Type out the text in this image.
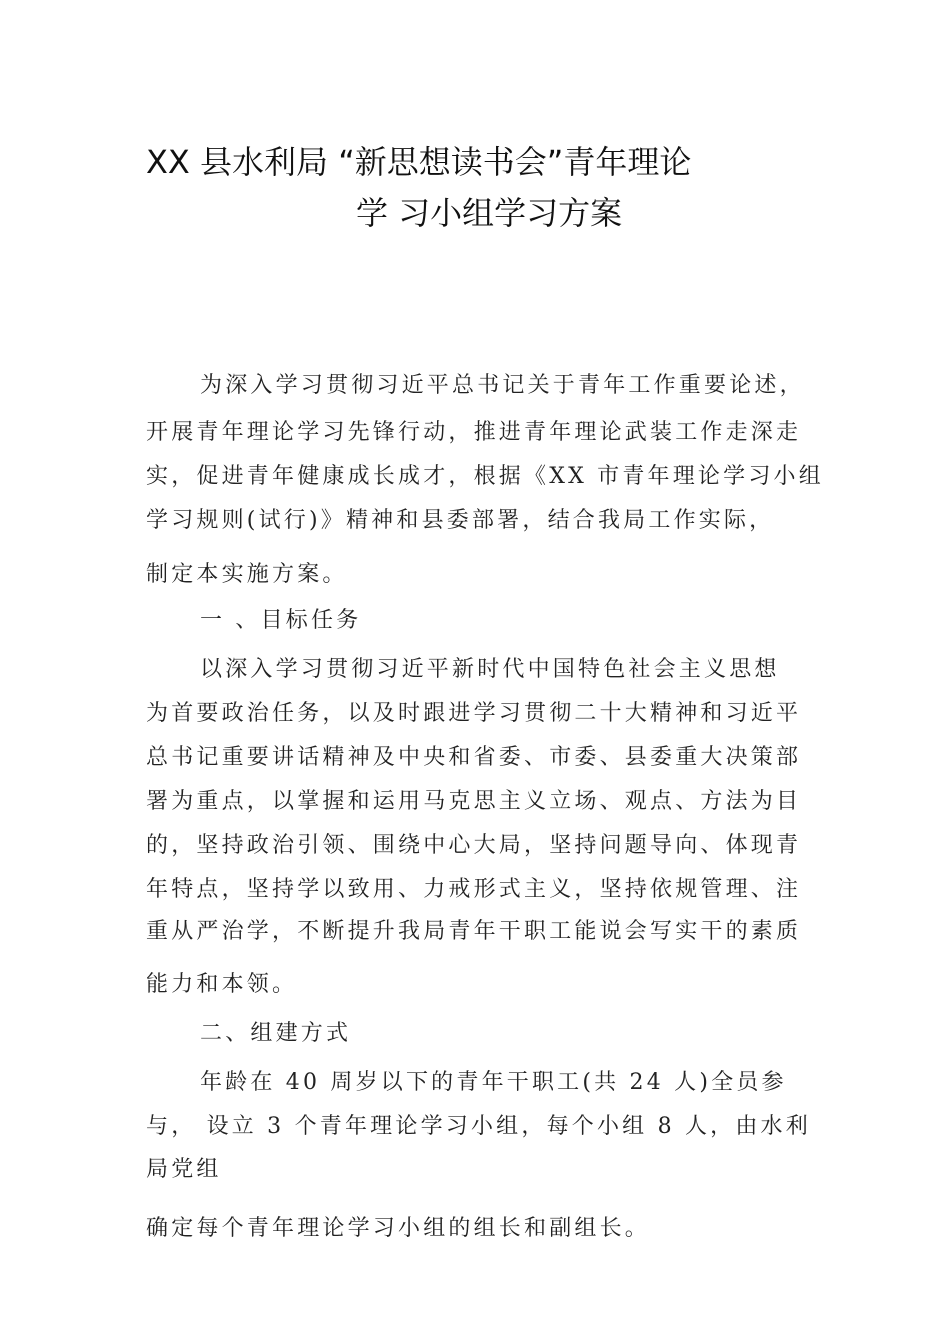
XX 县水利局 “新思想读书会”青年理论
学 习小组学习方案
为深入学习贯彻习近平总书记关于青年工作重要论述，
开展青年理论学习先锋行动，推进青年理论武装工作走深走
实，促进青年健康成长成才，根据《XX 市青年理论学习小组
学习规则(试行)》精神和县委部署，结合我局工作实际，
制定本实施方案。
一 、目标任务
以深入学习贯彻习近平新时代中国特色社会主义思想
为首要政治任务，以及时跟进学习贯彻二十大精神和习近平
总书记重要讲话精神及中央和省委、市委、县委重大决策部
署为重点，以掌握和运用马克思主义立场、观点、方法为目
的，坚持政治引领、围绕中心大局，坚持问题导向、体现青
年特点，坚持学以致用、力戒形式主义，坚持依规管理、注
重从严治学，不断提升我局青年干职工能说会写实干的素质
能力和本领。
二、组建方式
年龄在 40 周岁以下的青年干职工(共 24 人)全员参
与， 设立 3 个青年理论学习小组，每个小组 8 人，由水利
局党组
确定每个青年理论学习小组的组长和副组长。
